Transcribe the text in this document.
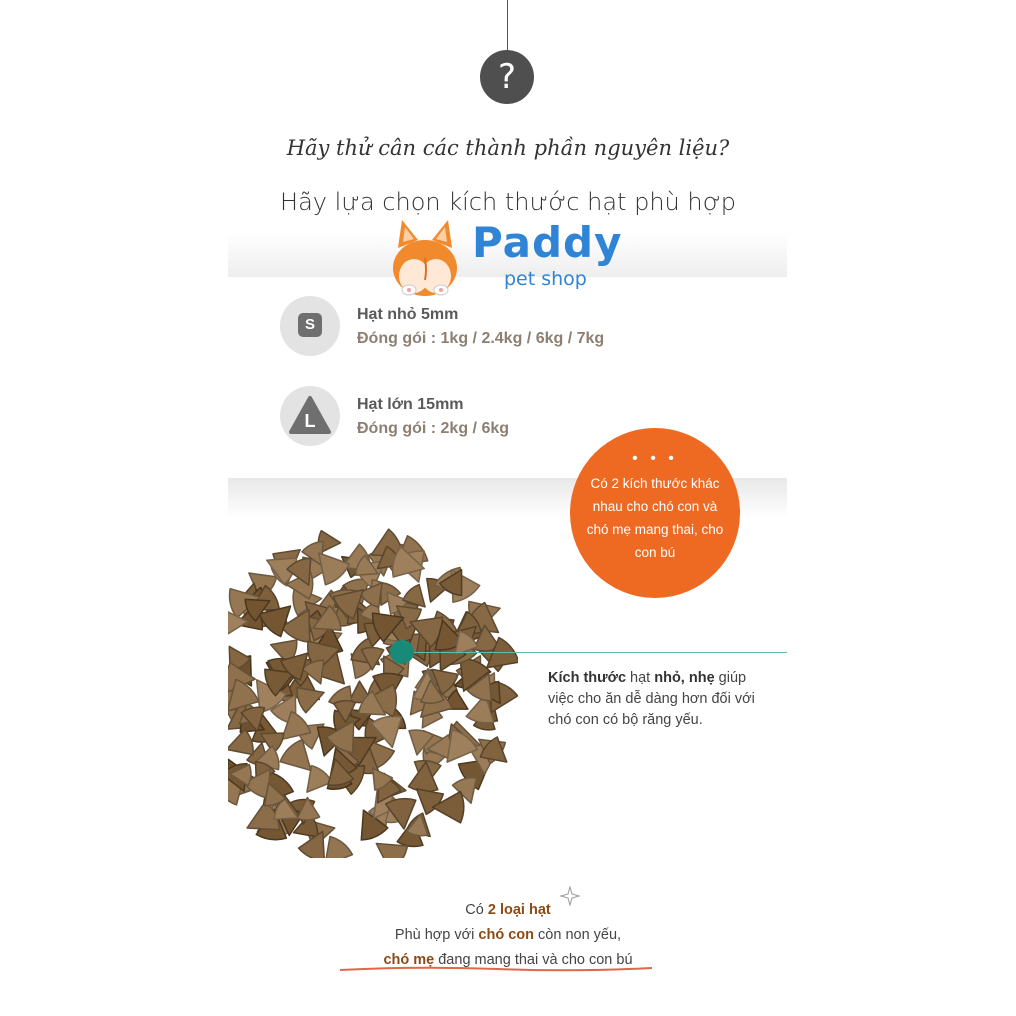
?
Hãy thử cân các thành phần nguyên liệu?
Hãy lựa chọn kích thước hạt phù hợp
Paddy
pet shop
S
Hạt nhỏ 5mm
Đóng gói : 1kg / 2.4kg / 6kg / 7kg
L
Hạt lớn 15mm
Đóng gói : 2kg / 6kg
• • •
Có 2 kích thước khác nhau cho chó con và chó mẹ mang thai, cho con bú
Kích thước hạt nhỏ, nhẹ giúp việc cho ăn dễ dàng hơn đối với chó con có bộ răng yếu.
Có 2 loại hạt
Phù hợp với chó con còn non yếu,
chó mẹ đang mang thai và cho con bú
